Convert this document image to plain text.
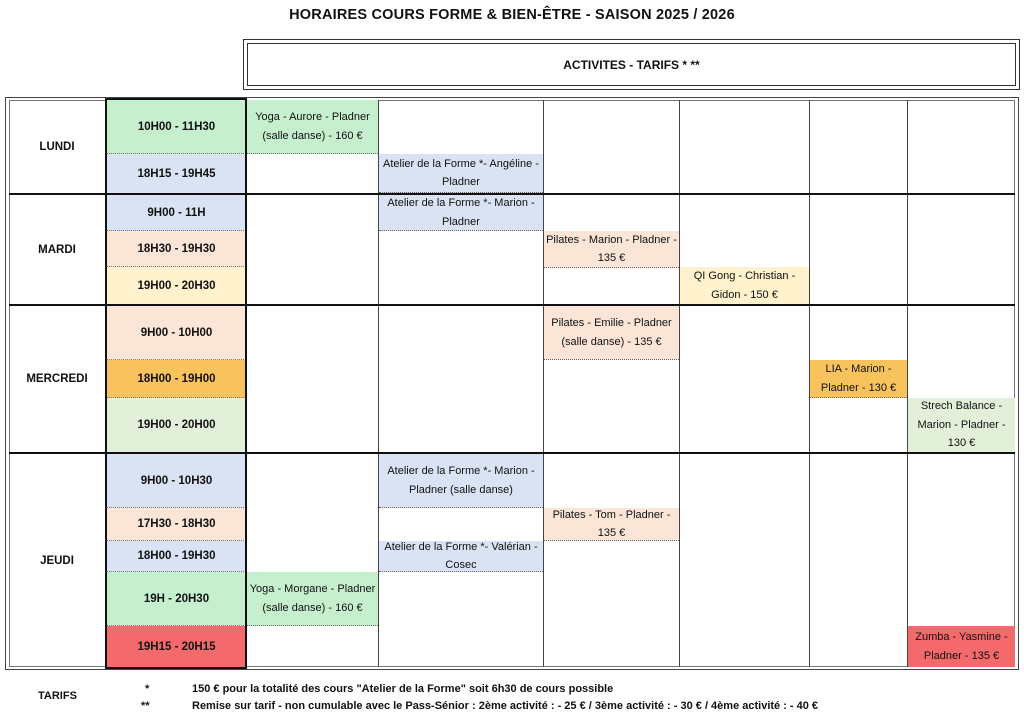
HORAIRES COURS FORME & BIEN-ÊTRE - SAISON 2025 / 2026
ACTIVITES - TARIFS * **
LUNDI
MARDI
MERCREDI
JEUDI
10H00 - 11H30
18H15 - 19H45
9H00 - 11H
18H30 - 19H30
19H00 - 20H30
9H00 - 10H00
18H00 - 19H00
19H00 - 20H00
9H00 - 10H30
17H30 - 18H30
18H00 - 19H30
19H - 20H30
19H15 - 20H15
Yoga - Aurore - Pladner (salle danse) - 160 €
Atelier de la Forme *- Angéline - Pladner
Atelier de la Forme *- Marion - Pladner
Pilates - Marion - Pladner - 135 €
QI Gong - Christian - Gidon - 150 €
Pilates - Emilie - Pladner (salle danse) - 135 €
LIA - Marion - Pladner - 130 €
Strech Balance - Marion - Pladner - 130 €
Atelier de la Forme *- Marion - Pladner (salle danse)
Pilates - Tom - Pladner - 135 €
Atelier de la Forme *- Valérian - Cosec
Yoga - Morgane - Pladner (salle danse) - 160 €
Zumba - Yasmine - Pladner - 135 €
TARIFS
*	150 € pour la totalité des cours "Atelier de la Forme" soit 6h30 de cours possible
**	Remise sur tarif - non cumulable avec le Pass-Sénior : 2ème activité : - 25 € / 3ème activité : - 30 € / 4ème activité : - 40 €
